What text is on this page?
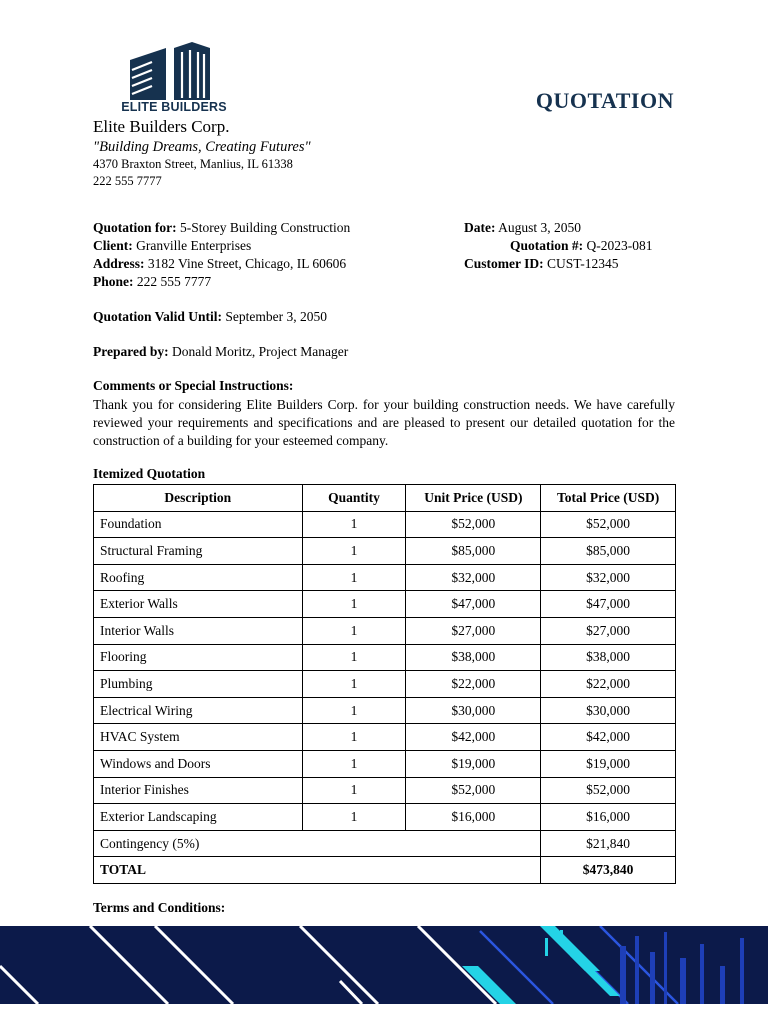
ELITE BUILDERS	QUOTATION
Elite Builders Corp.
"Building Dreams, Creating Futures"
4370 Braxton Street, Manlius, IL 61338
222 555 7777
Quotation for: 5-Storey Building Construction
Client: Granville Enterprises
Address: 3182 Vine Street, Chicago, IL 60606
Phone: 222 555 7777
Date: August 3, 2050
Quotation #: Q-2023-081
Customer ID: CUST-12345
Quotation Valid Until: September 3, 2050
Prepared by: Donald Moritz, Project Manager
Comments or Special Instructions:
Thank you for considering Elite Builders Corp. for your building construction needs. We have carefully reviewed your requirements and specifications and are pleased to present our detailed quotation for the construction of a building for your esteemed company.
Itemized Quotation
Description	Quantity	Unit Price (USD)	Total Price (USD)
Foundation	1	$52,000	$52,000
Structural Framing	1	$85,000	$85,000
Roofing	1	$32,000	$32,000
Exterior Walls	1	$47,000	$47,000
Interior Walls	1	$27,000	$27,000
Flooring	1	$38,000	$38,000
Plumbing	1	$22,000	$22,000
Electrical Wiring	1	$30,000	$30,000
HVAC System	1	$42,000	$42,000
Windows and Doors	1	$19,000	$19,000
Interior Finishes	1	$52,000	$52,000
Exterior Landscaping	1	$16,000	$16,000
Contingency (5%)			$21,840
TOTAL			$473,840
Terms and Conditions:
